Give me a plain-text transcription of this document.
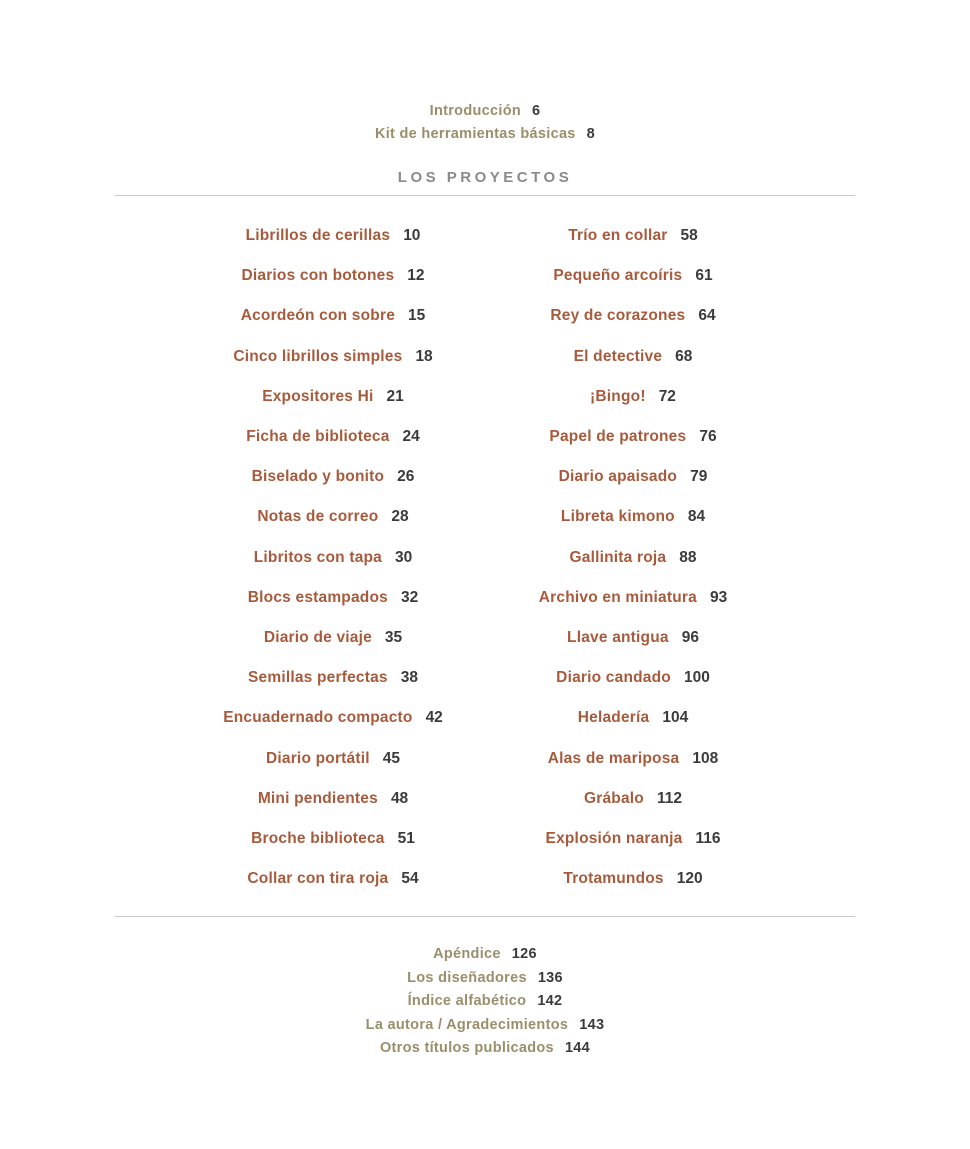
Introducción 6
Kit de herramientas básicas 8
LOS PROYECTOS
Librillos de cerillas 10
Diarios con botones 12
Acordeón con sobre 15
Cinco librillos simples 18
Expositores Hi 21
Ficha de biblioteca 24
Biselado y bonito 26
Notas de correo 28
Libritos con tapa 30
Blocs estampados 32
Diario de viaje 35
Semillas perfectas 38
Encuadernado compacto 42
Diario portátil 45
Mini pendientes 48
Broche biblioteca 51
Collar con tira roja 54
Trío en collar 58
Pequeño arcoíris 61
Rey de corazones 64
El detective 68
¡Bingo! 72
Papel de patrones 76
Diario apaisado 79
Libreta kimono 84
Gallinita roja 88
Archivo en miniatura 93
Llave antigua 96
Diario candado 100
Heladería 104
Alas de mariposa 108
Grábalo 112
Explosión naranja 116
Trotamundos 120
Apéndice 126
Los diseñadores 136
Índice alfabético 142
La autora / Agradecimientos 143
Otros títulos publicados 144
